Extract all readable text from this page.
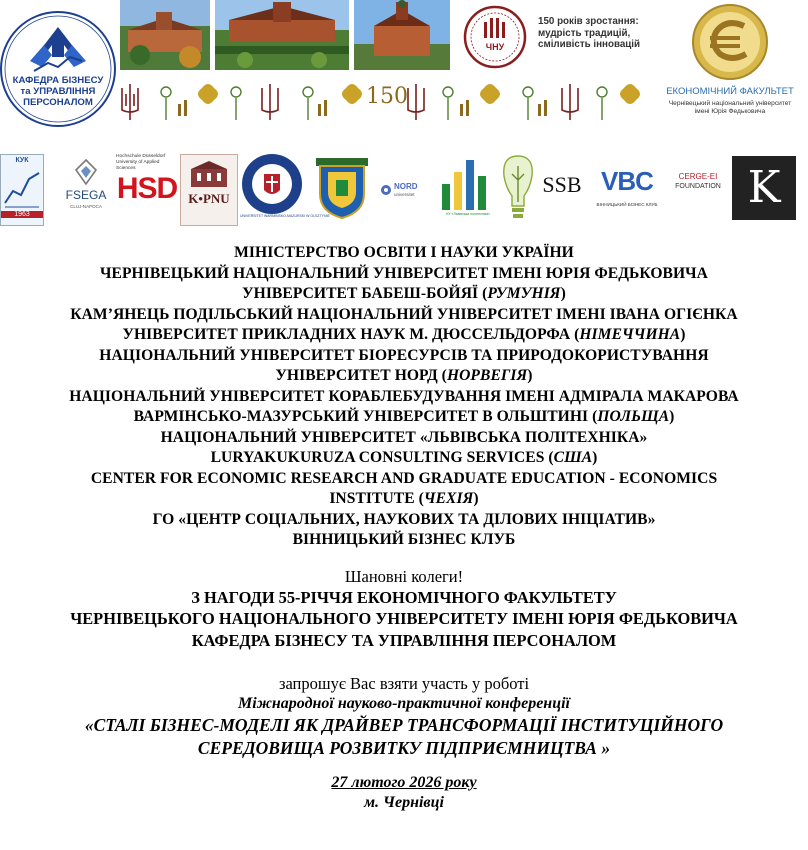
КАФЕДРА БІЗНЕСУ
та УПРАВЛІННЯ
ПЕРСОНАЛОМ
ЧНУ
150 років зростання:
мудрість традицій,
сміливість інновацій
150	ЕКОНОМІЧНИЙ ФАКУЛЬТЕТ
Чернівецький національний університет
імені Юрія Федьковича
КУК
1963
FSEGA
CLUJ-NAPOCA
Hochschule Düsseldorf
University of Applied Sciences
HSD K•PNU
UNIVERSITET WARMINSKO-MAZURSKI W OLSZTYNIE
NORD
universitet
НУ «Львівська політехніка»
SSB VBC
ВІННИЦЬКИЙ БІЗНЕС КЛУБ
CERGE-EI
FOUNDATION K
МІНІСТЕРСТВО ОСВІТИ І НАУКИ УКРАЇНИ
ЧЕРНІВЕЦЬКИЙ НАЦІОНАЛЬНИЙ УНІВЕРСИТЕТ ІМЕНІ ЮРІЯ ФЕДЬКОВИЧА
УНІВЕРСИТЕТ БАБЕШ-БОЙЯЇ (РУМУНІЯ)
КАМ’ЯНЕЦЬ ПОДІЛЬСЬКИЙ НАЦІОНАЛЬНИЙ УНІВЕРСИТЕТ ІМЕНІ ІВАНА ОГІЄНКА
УНІВЕРСИТЕТ ПРИКЛАДНИХ НАУК М. ДЮССЕЛЬДОРФА (НІМЕЧЧИНА)
НАЦІОНАЛЬНИЙ УНІВЕРСИТЕТ БІОРЕСУРСІВ ТА ПРИРОДОКОРИСТУВАННЯ
УНІВЕРСИТЕТ НОРД (НОРВЕГІЯ)
НАЦІОНАЛЬНИЙ УНІВЕРСИТЕТ КОРАБЛЕБУДУВАННЯ ІМЕНІ АДМІРАЛА МАКАРОВА
ВАРМІНСЬКО-МАЗУРСЬКИЙ УНІВЕРСИТЕТ В ОЛЬШТИНІ (ПОЛЬЩА)
НАЦІОНАЛЬНИЙ УНІВЕРСИТЕТ «ЛЬВІВСЬКА ПОЛІТЕХНІКА»
LURYAKUKURUZA CONSULTING SERVICES (США)
CENTER FOR ECONOMIC RESEARCH AND GRADUATE EDUCATION - ECONOMICS
INSTITUTE (ЧЕХІЯ)
ГО «ЦЕНТР СОЦІАЛЬНИХ, НАУКОВИХ ТА ДІЛОВИХ ІНІЦІАТИВ»
ВІННИЦЬКИЙ БІЗНЕС КЛУБ
Шановні колеги!
З НАГОДИ 55-РІЧЧЯ ЕКОНОМІЧНОГО ФАКУЛЬТЕТУ
ЧЕРНІВЕЦЬКОГО НАЦІОНАЛЬНОГО УНІВЕРСИТЕТУ ІМЕНІ ЮРІЯ ФЕДЬКОВИЧА
КАФЕДРА БІЗНЕСУ ТА УПРАВЛІННЯ ПЕРСОНАЛОМ
запрошує Вас взяти участь у роботі
Міжнародної науково-практичної конференції
«СТАЛІ БІЗНЕС-МОДЕЛІ ЯК ДРАЙВЕР ТРАНСФОРМАЦІЇ ІНСТИТУЦІЙНОГО
СЕРЕДОВИЩА РОЗВИТКУ ПІДПРИЄМНИЦТВА »
27 лютого 2026 року
м. Чернівці
